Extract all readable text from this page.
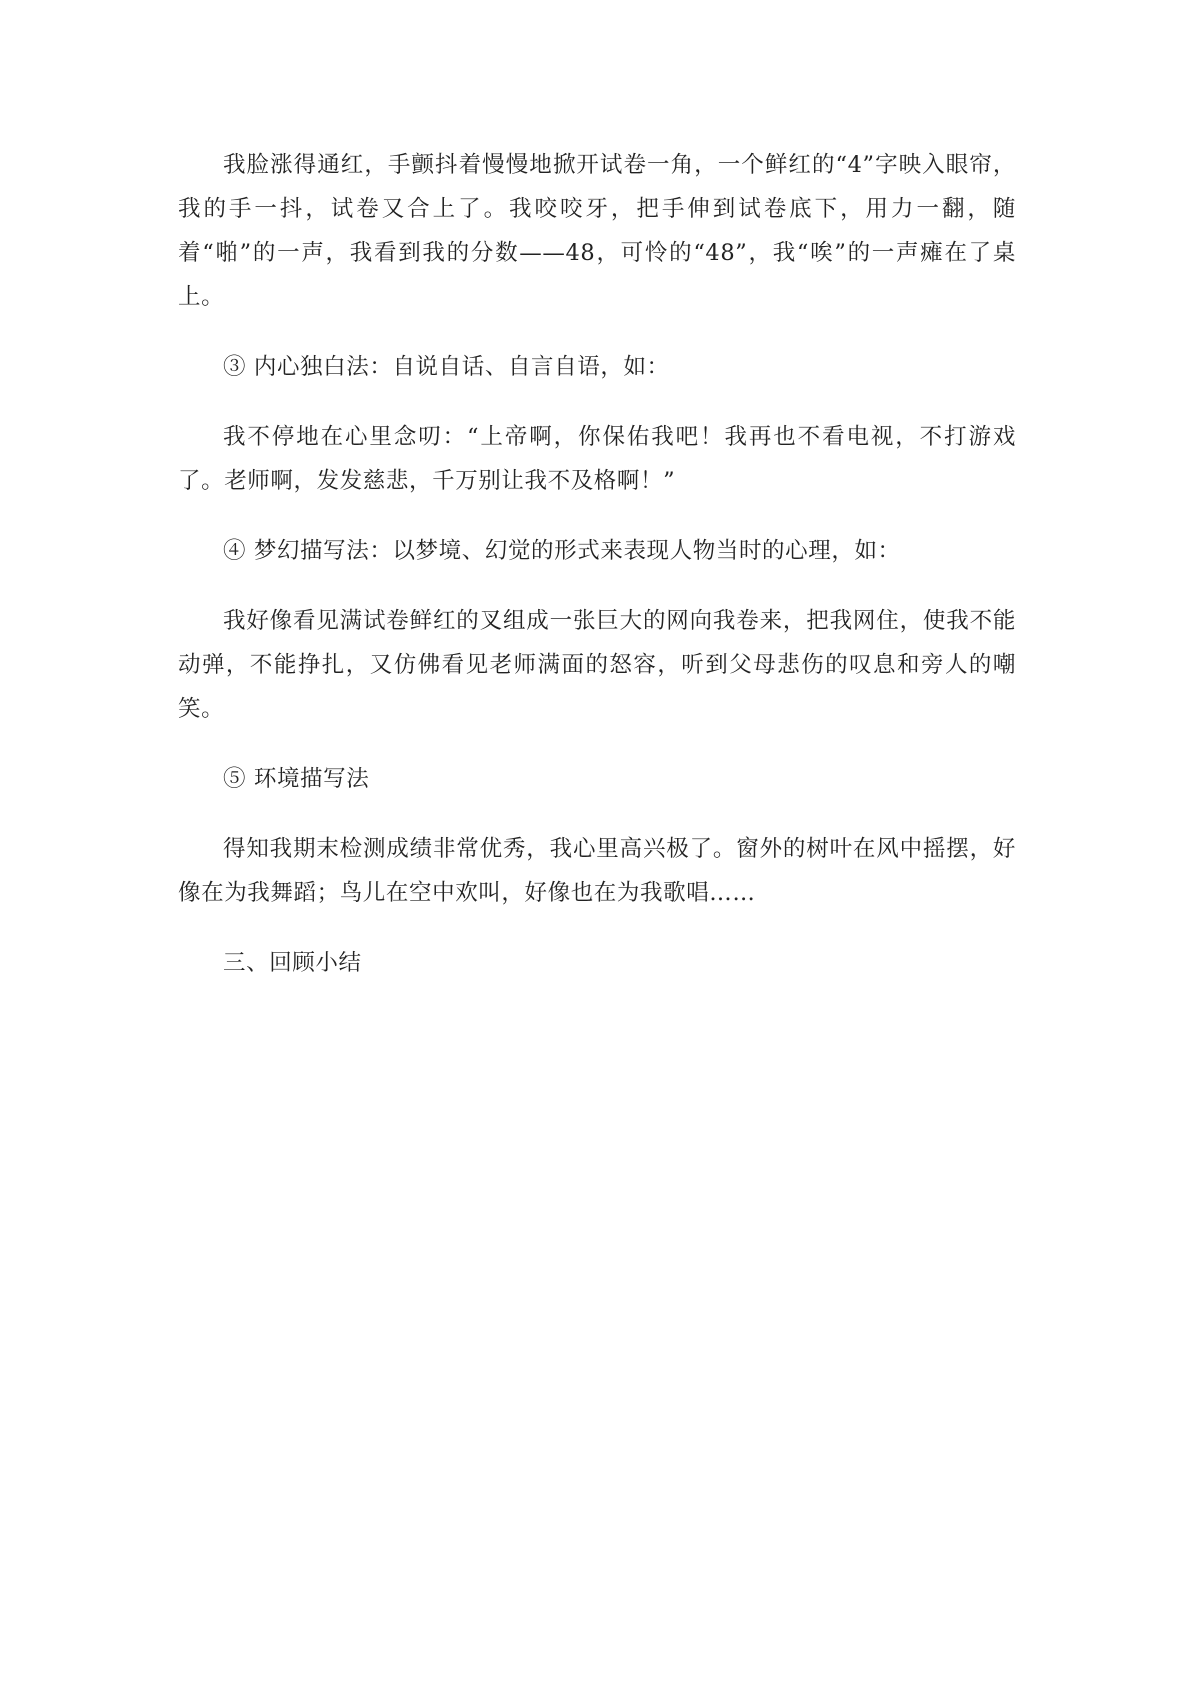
我脸涨得通红，手颤抖着慢慢地掀开试卷一角，一个鲜红的“4”字映入眼帘，我的手一抖，试卷又合上了。我咬咬牙，把手伸到试卷底下，用力一翻，随着“啪”的一声，我看到我的分数——48，可怜的“48”，我“唉”的一声瘫在了桌上。

③ 内心独白法：自说自话、自言自语，如：

我不停地在心里念叨：“上帝啊，你保佑我吧！我再也不看电视，不打游戏了。老师啊，发发慈悲，千万别让我不及格啊！”

④ 梦幻描写法：以梦境、幻觉的形式来表现人物当时的心理，如：

我好像看见满试卷鲜红的叉组成一张巨大的网向我卷来，把我网住，使我不能动弹，不能挣扎，又仿佛看见老师满面的怒容，听到父母悲伤的叹息和旁人的嘲笑。

⑤ 环境描写法

得知我期末检测成绩非常优秀，我心里高兴极了。窗外的树叶在风中摇摆，好像在为我舞蹈；鸟儿在空中欢叫，好像也在为我歌唱……

三、回顾小结
